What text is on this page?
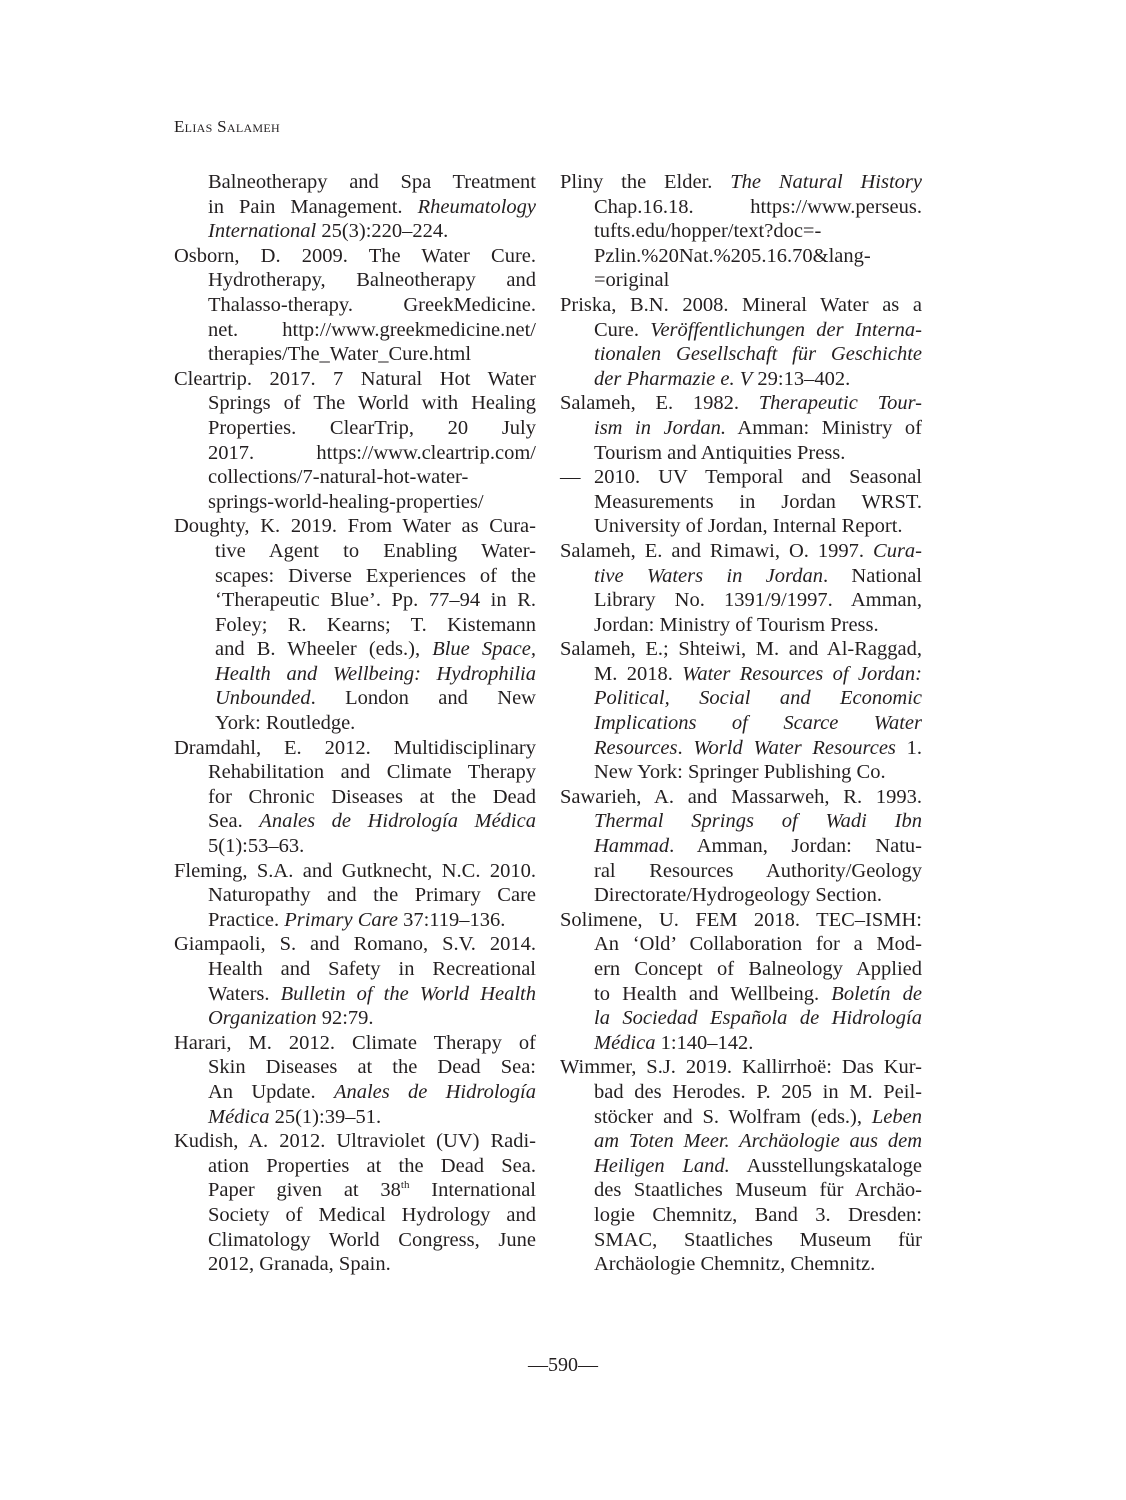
Elias Salameh
Balneotherapy and Spa Treatment
in Pain Management. Rheumatology
International 25(3):220–224.
Osborn, D. 2009. The Water Cure.
Hydrotherapy, Balneotherapy and
Thalasso-therapy. GreekMedicine.
net. http://www.greekmedicine.net/
therapies/The_Water_Cure.html
Cleartrip. 2017. 7 Natural Hot Water
Springs of The World with Healing
Properties. ClearTrip, 20 July
2017. https://www.cleartrip.com/
collections/7-natural-hot-water-
springs-world-healing-properties/
Doughty, K. 2019. From Water as Cura-
tive Agent to Enabling Water-
scapes: Diverse Experiences of the
‘Therapeutic Blue’. Pp. 77–94 in R.
Foley; R. Kearns; T. Kistemann
and B. Wheeler (eds.), Blue Space,
Health and Wellbeing: Hydrophilia
Unbounded. London and New
York: Routledge.
Dramdahl, E. 2012. Multidisciplinary
Rehabilitation and Climate Therapy
for Chronic Diseases at the Dead
Sea. Anales de Hidrología Médica
5(1):53–63.
Fleming, S.A. and Gutknecht, N.C. 2010.
Naturopathy and the Primary Care
Practice. Primary Care 37:119–136.
Giampaoli, S. and Romano, S.V. 2014.
Health and Safety in Recreational
Waters. Bulletin of the World Health
Organization 92:79.
Harari, M. 2012. Climate Therapy of
Skin Diseases at the Dead Sea:
An Update. Anales de Hidrología
Médica 25(1):39–51.
Kudish, A. 2012. Ultraviolet (UV) Radi-
ation Properties at the Dead Sea.
Paper given at 38th International
Society of Medical Hydrology and
Climatology World Congress, June
2012, Granada, Spain.
Pliny the Elder. The Natural History
Chap.16.18. https://www.perseus.
tufts.edu/hopper/text?doc=-
Pzlin.%20Nat.%205.16.70&lang-
=original
Priska, B.N. 2008. Mineral Water as a
Cure. Veröffentlichungen der Interna-
tionalen Gesellschaft für Geschichte
der Pharmazie e. V 29:13–402.
Salameh, E. 1982. Therapeutic Tour-
ism in Jordan. Amman: Ministry of
Tourism and Antiquities Press.
— 2010. UV Temporal and Seasonal
Measurements in Jordan WRST.
University of Jordan, Internal Report.
Salameh, E. and Rimawi, O. 1997. Cura-
tive Waters in Jordan. National
Library No. 1391/9/1997. Amman,
Jordan: Ministry of Tourism Press.
Salameh, E.; Shteiwi, M. and Al-Raggad,
M. 2018. Water Resources of Jordan:
Political, Social and Economic
Implications of Scarce Water
Resources. World Water Resources 1.
New York: Springer Publishing Co.
Sawarieh, A. and Massarweh, R. 1993.
Thermal Springs of Wadi Ibn
Hammad. Amman, Jordan: Natu-
ral Resources Authority/Geology
Directorate/Hydrogeology Section.
Solimene, U. FEM 2018. TEC–ISMH:
An ‘Old’ Collaboration for a Mod-
ern Concept of Balneology Applied
to Health and Wellbeing. Boletín de
la Sociedad Española de Hidrología
Médica 1:140–142.
Wimmer, S.J. 2019. Kallirrhoë: Das Kur-
bad des Herodes. P. 205 in M. Peil-
stöcker and S. Wolfram (eds.), Leben
am Toten Meer. Archäologie aus dem
Heiligen Land. Ausstellungskataloge
des Staatliches Museum für Archäo-
logie Chemnitz, Band 3. Dresden:
SMAC, Staatliches Museum für
Archäologie Chemnitz, Chemnitz.
—590—
